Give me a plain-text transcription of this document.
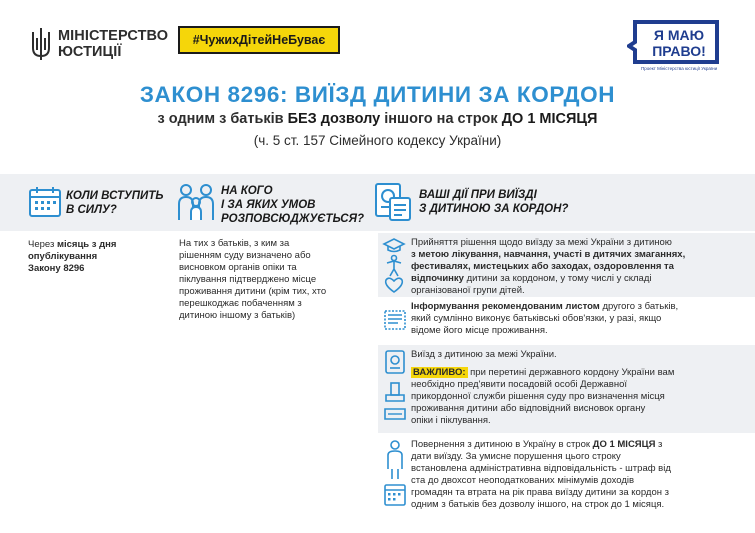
МІНІСТЕРСТВО
ЮСТИЦІЇ
#ЧужихДітейНеБуває	Я МАЮ
ПРАВО!
Проект Міністерства юстиції України
ЗАКОН 8296: ВИЇЗД ДИТИНИ ЗА КОРДОН
з одним з батьків БЕЗ дозволу іншого на строк ДО 1 МІСЯЦЯ
(ч. 5 ст. 157 Сімейного кодексу України)
КОЛИ ВСТУПИТЬ
В СИЛУ?
НА КОГО
І ЗА ЯКИХ УМОВ
РОЗПОВСЮДЖУЄТЬСЯ?
ВАШІ ДІЇ ПРИ ВИЇЗДІ
З ДИТИНОЮ ЗА КОРДОН?
Через місяць з дня
опублікування
Закону 8296
На тих з батьків, з ким за
рішенням суду визначено або
висновком органів опіки та
піклування підтверджено місце
проживання дитини (крім тих, хто
перешкоджає побаченням з
дитиною іншому з батьків)
Прийняття рішення щодо виїзду за межі України з дитиною
з метою лікування, навчання, участі в дитячих змаганнях,
фестивалях, мистецьких або заходах, оздоровлення та
відпочинку дитини за кордоном, у тому числі у складі
організованої групи дітей.
Інформування рекомендованим листом другого з батьків,
який сумлінно виконує батьківські обов'язки, у разі, якщо
відоме його місце проживання.
Виїзд з дитиною за межі України.
ВАЖЛИВО: при перетині державного кордону України вам
необхідно пред'явити посадовій особі Державної
прикордонної служби рішення суду про визначення місця
проживання дитини або відповідний висновок органу
опіки і піклування.
Повернення з дитиною в Україну в строк ДО 1 МІСЯЦЯ з
дати виїзду. За умисне порушення цього строку
встановлена адміністративна відповідальність - штраф від
ста до двохсот неоподаткованих мінімумів доходів
громадян та втрата на рік права виїзду дитини за кордон з
одним з батьків без дозволу іншого, на строк до 1 місяця.
